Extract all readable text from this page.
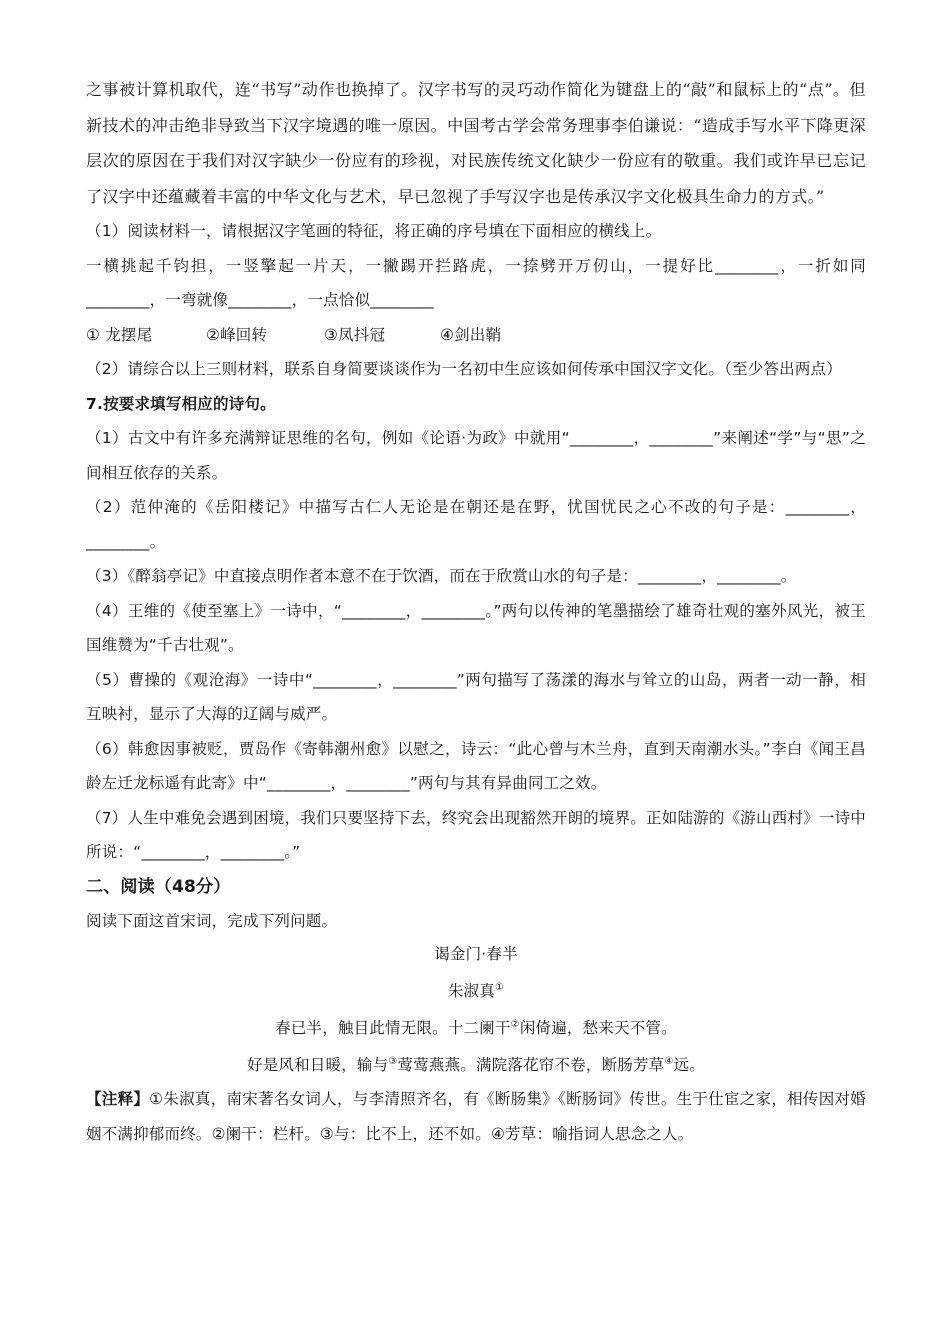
之事被计算机取代，连“书写”动作也换掉了。汉字书写的灵巧动作简化为键盘上的“敲”和鼠标上的“点”。但新技术的冲击绝非导致当下汉字境遇的唯一原因。中国考古学会常务理事李伯谦说：“造成手写水平下降更深层次的原因在于我们对汉字缺少一份应有的珍视，对民族传统文化缺少一份应有的敬重。我们或许早已忘记了汉字中还蕴藏着丰富的中华文化与艺术，早已忽视了手写汉字也是传承汉字文化极具生命力的方式。”

（1）阅读材料一，请根据汉字笔画的特征，将正确的序号填在下面相应的横线上。

一横挑起千钧担，一竖擎起一片天，一撇踢开拦路虎，一捺劈开万仞山，一提好比________，一折如同________，一弯就像________，一点恰似________

① 龙摆尾	②峰回转	③凤抖冠	④剑出鞘

（2）请综合以上三则材料，联系自身简要谈谈作为一名初中生应该如何传承中国汉字文化。（至少答出两点）

7.按要求填写相应的诗句。

（1）古文中有许多充满辩证思维的名句，例如《论语·为政》中就用“________，________”来阐述“学”与“思”之间相互依存的关系。

（2）范仲淹的《岳阳楼记》中描写古仁人无论是在朝还是在野，忧国忧民之心不改的句子是：________，________。

（3）《醉翁亭记》中直接点明作者本意不在于饮酒，而在于欣赏山水的句子是：________，________。

（4）王维的《使至塞上》一诗中，“________，________。”两句以传神的笔墨描绘了雄奇壮观的塞外风光，被王国维赞为“千古壮观”。

（5）曹操的《观沧海》一诗中“________，________”两句描写了荡漾的海水与耸立的山岛，两者一动一静，相互映衬，显示了大海的辽阔与威严。

（6）韩愈因事被贬，贾岛作《寄韩潮州愈》以慰之，诗云：“此心曾与木兰舟，直到天南潮水头。”李白《闻王昌龄左迁龙标遥有此寄》中“________，________”两句与其有异曲同工之效。

（7）人生中难免会遇到困境，我们只要坚持下去，终究会出现豁然开朗的境界。正如陆游的《游山西村》一诗中所说：“________，________。”

二、阅读（48分）

阅读下面这首宋词，完成下列问题。

谒金门·春半

朱淑真①

春已半，触目此情无限。十二阑干②闲倚遍，愁来天不管。

好是风和日暖，输与③莺莺燕燕。满院落花帘不卷，断肠芳草④远。

【注释】①朱淑真，南宋著名女词人，与李清照齐名，有《断肠集》《断肠词》传世。生于仕宦之家，相传因对婚姻不满抑郁而终。②阑干：栏杆。③与：比不上，还不如。④芳草：喻指词人思念之人。
